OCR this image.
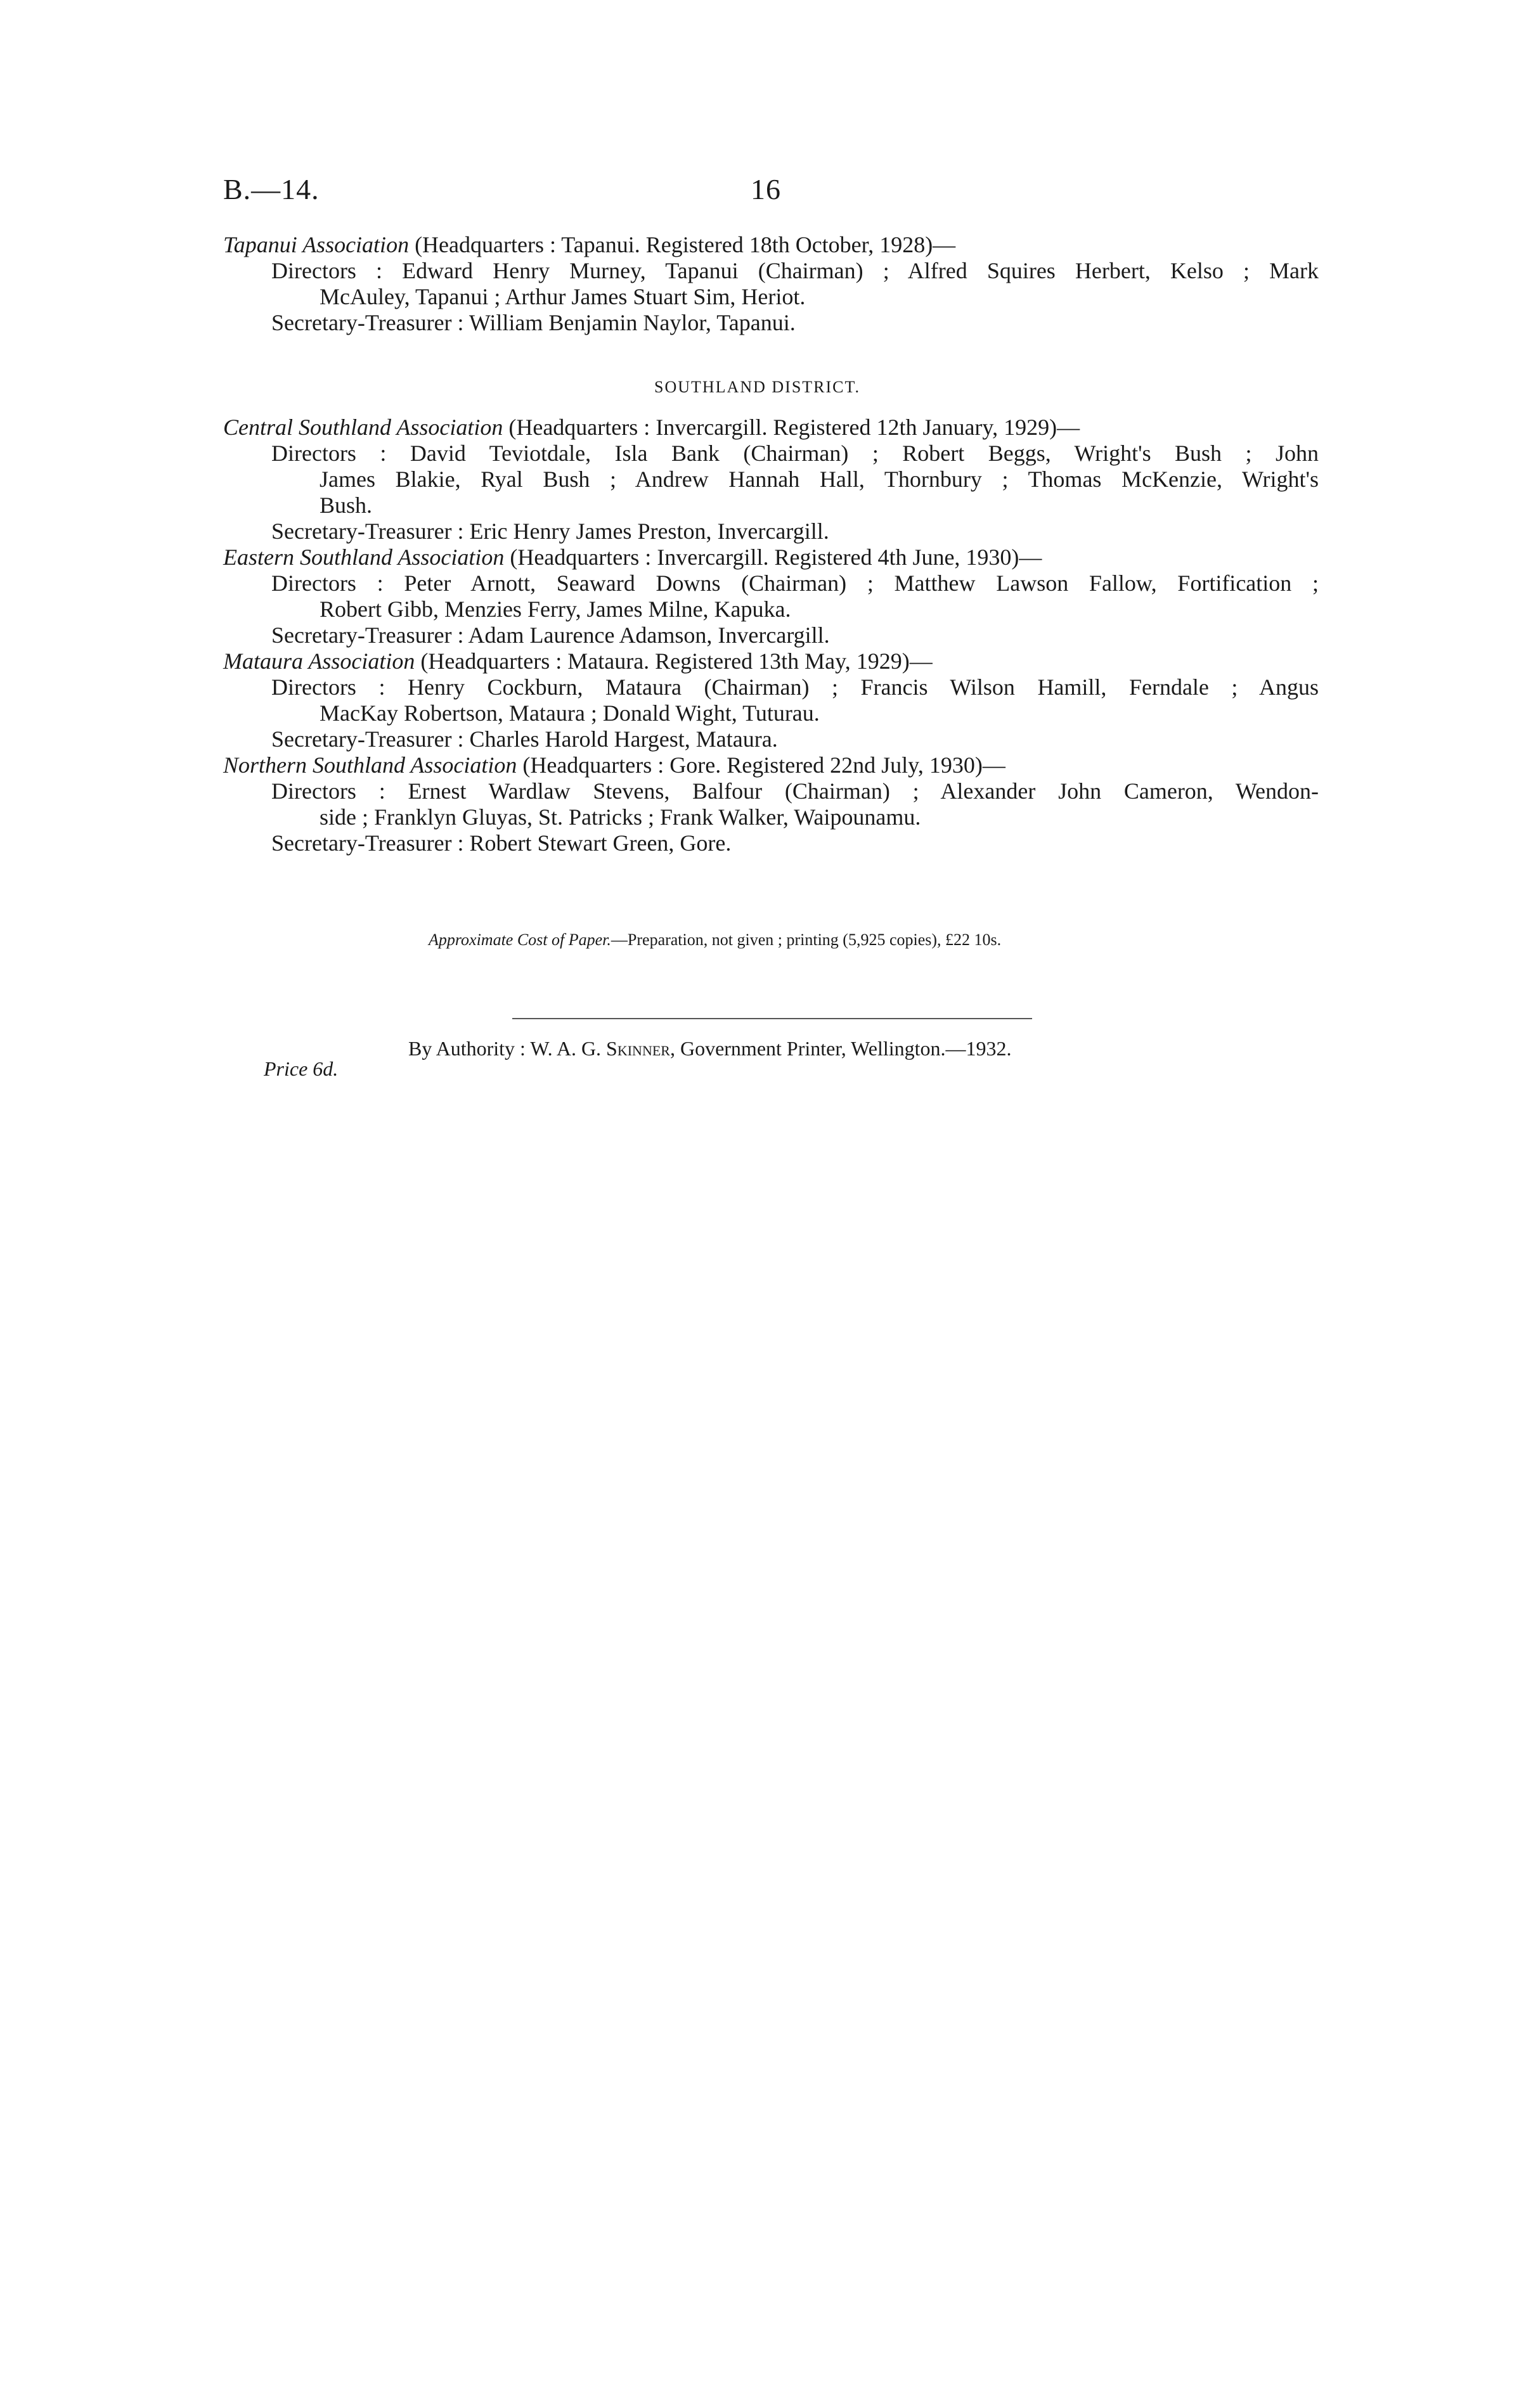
B.—14.	16
Tapanui Association (Headquarters : Tapanui. Registered 18th October, 1928)—
Directors : Edward Henry Murney, Tapanui (Chairman) ; Alfred Squires Herbert, Kelso ; Mark
McAuley, Tapanui ; Arthur James Stuart Sim, Heriot.
Secretary-Treasurer : William Benjamin Naylor, Tapanui.
SOUTHLAND DISTRICT.
Central Southland Association (Headquarters : Invercargill. Registered 12th January, 1929)—
Directors : David Teviotdale, Isla Bank (Chairman) ; Robert Beggs, Wright's Bush ; John
James Blakie, Ryal Bush ; Andrew Hannah Hall, Thornbury ; Thomas McKenzie, Wright's
Bush.
Secretary-Treasurer : Eric Henry James Preston, Invercargill.
Eastern Southland Association (Headquarters : Invercargill. Registered 4th June, 1930)—
Directors : Peter Arnott, Seaward Downs (Chairman) ; Matthew Lawson Fallow, Fortification ;
Robert Gibb, Menzies Ferry, James Milne, Kapuka.
Secretary-Treasurer : Adam Laurence Adamson, Invercargill.
Mataura Association (Headquarters : Mataura. Registered 13th May, 1929)—
Directors : Henry Cockburn, Mataura (Chairman) ; Francis Wilson Hamill, Ferndale ; Angus
MacKay Robertson, Mataura ; Donald Wight, Tuturau.
Secretary-Treasurer : Charles Harold Hargest, Mataura.
Northern Southland Association (Headquarters : Gore. Registered 22nd July, 1930)—
Directors : Ernest Wardlaw Stevens, Balfour (Chairman) ; Alexander John Cameron, Wendon-
side ; Franklyn Gluyas, St. Patricks ; Frank Walker, Waipounamu.
Secretary-Treasurer : Robert Stewart Green, Gore.
Approximate Cost of Paper.—Preparation, not given ; printing (5,925 copies), £22 10s.
By Authority : W. A. G. Skinner, Government Printer, Wellington.—1932.
Price 6d.
